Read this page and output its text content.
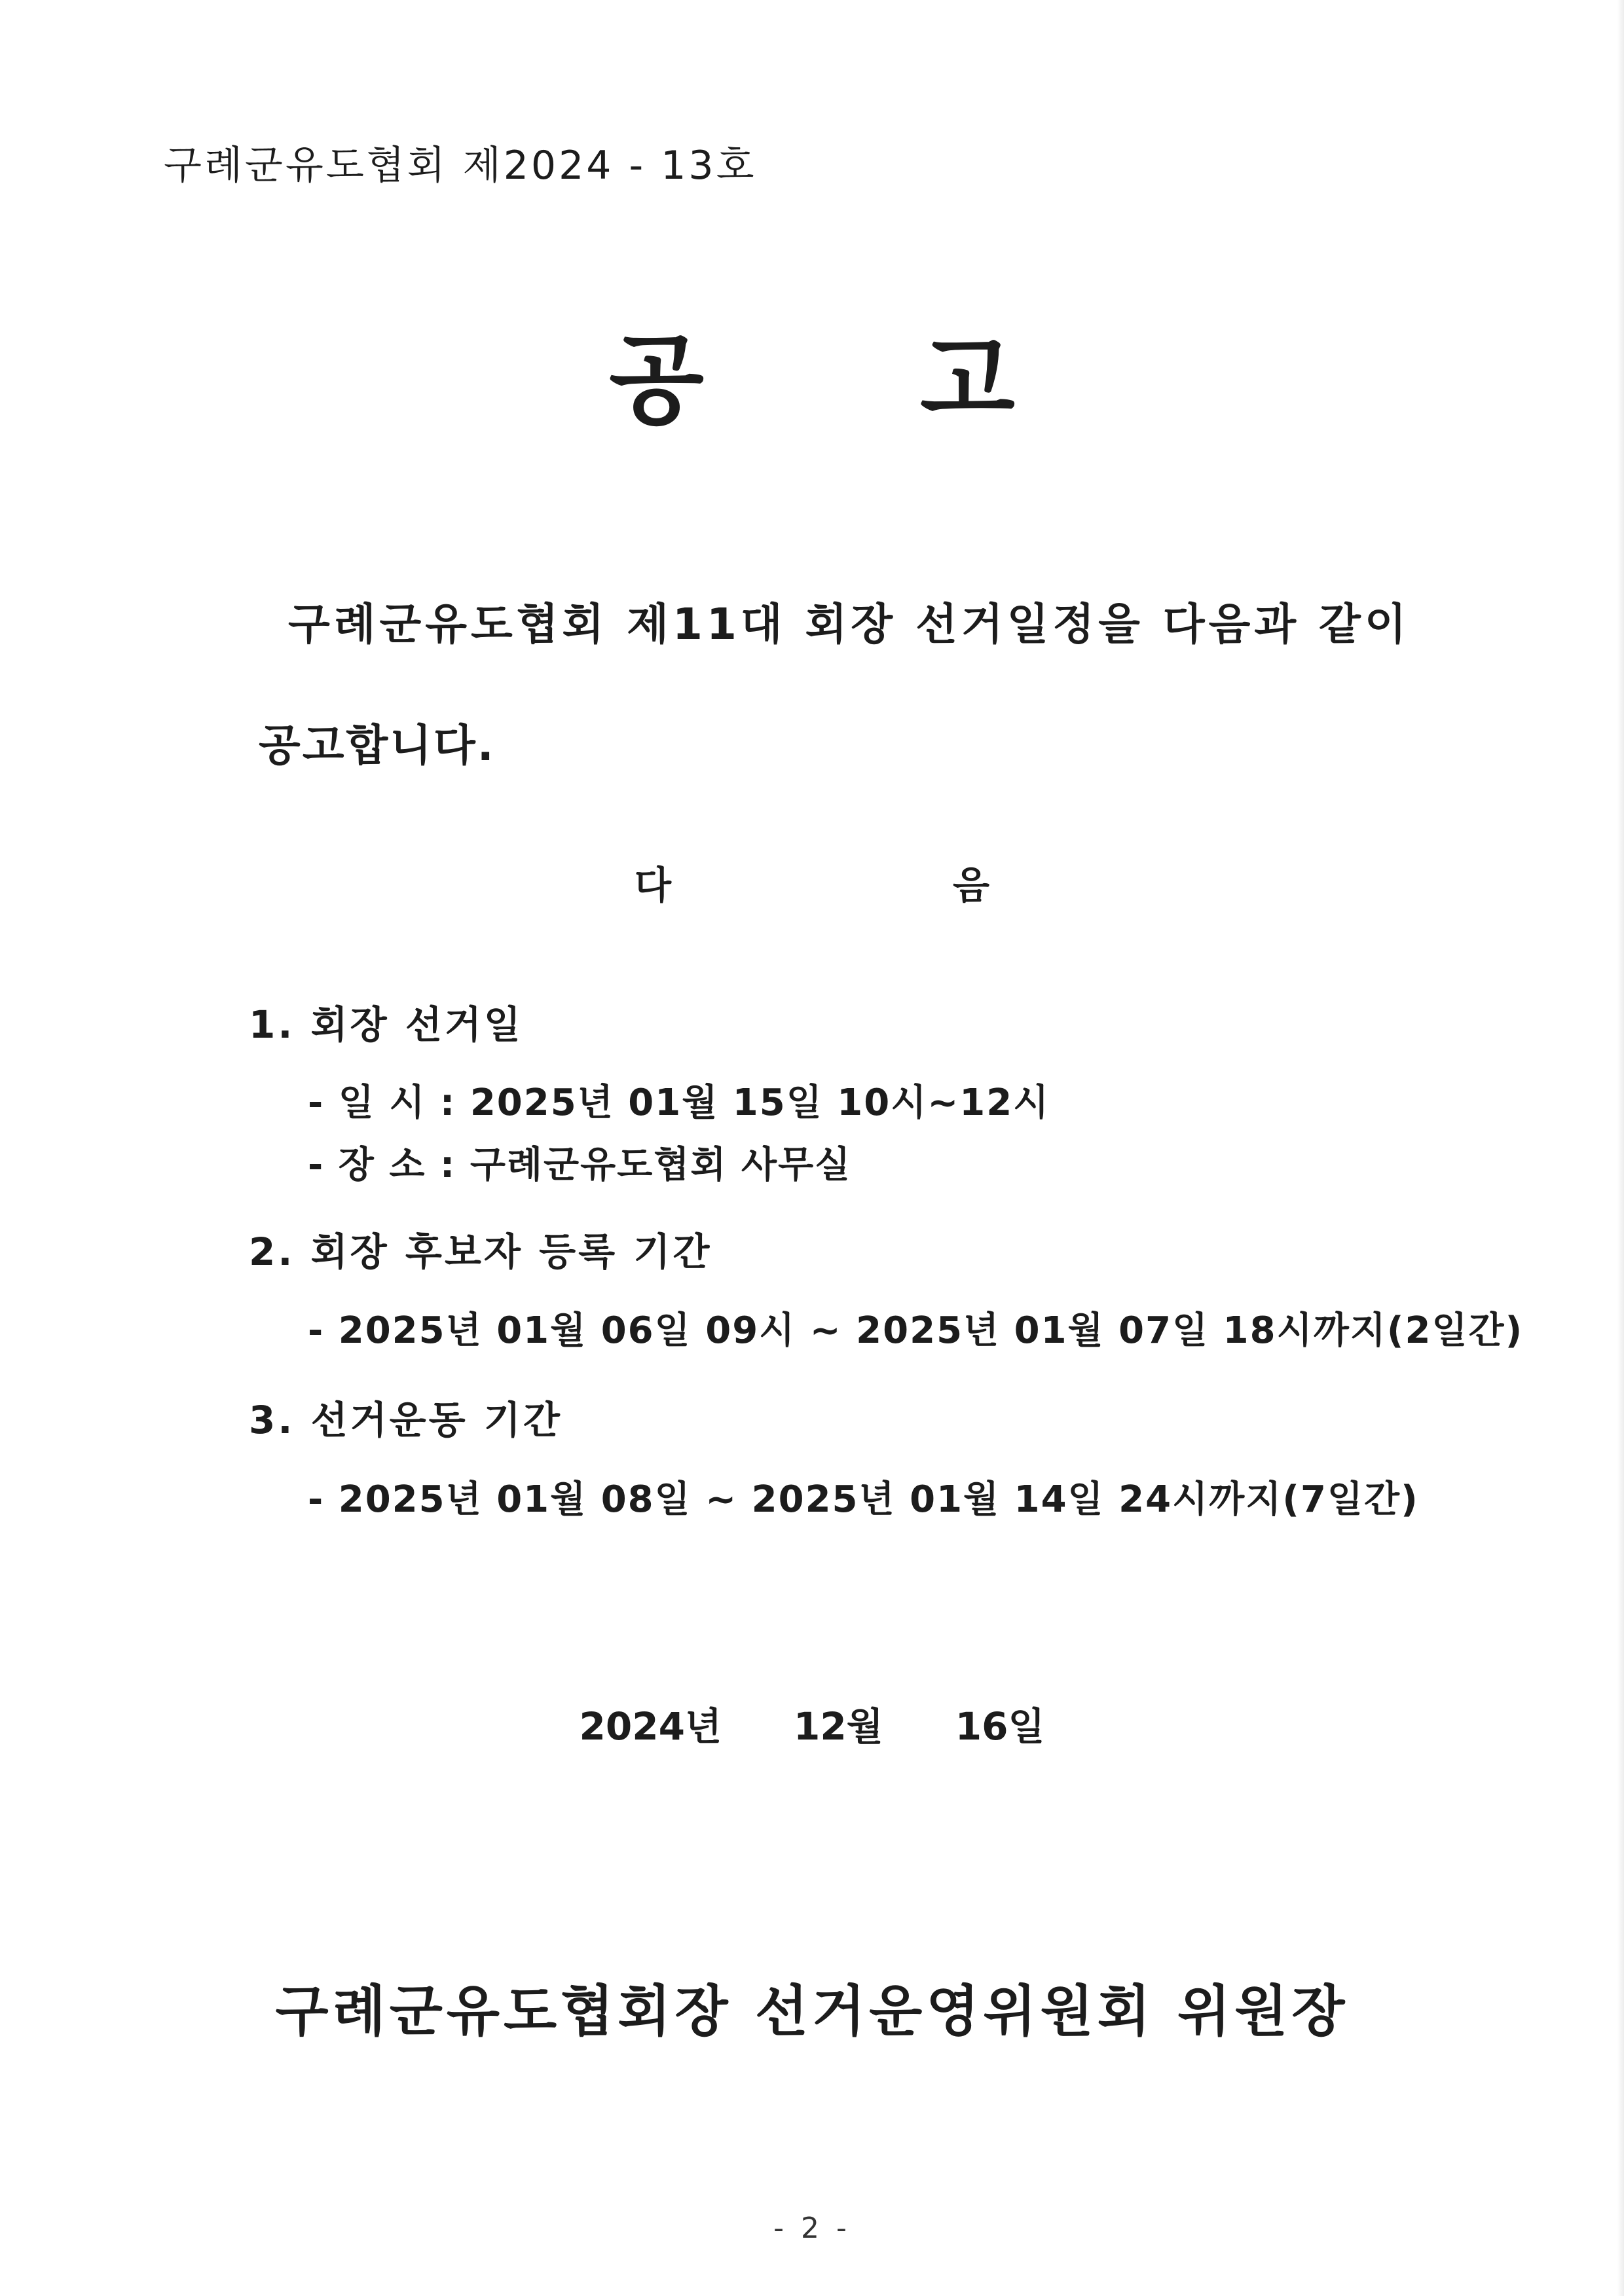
구례군유도협회 제2024 - 13호
공 고
구례군유도협회 제11대 회장 선거일정을 다음과 같이
공고합니다.
다	음
1. 회장 선거일
- 일 시 : 2025년 01월 15일 10시~12시
- 장 소 : 구례군유도협회 사무실
2. 회장 후보자 등록 기간
- 2025년 01월 06일 09시 ~ 2025년 01월 07일 18시까지(2일간)
3. 선거운동 기간
- 2025년 01월 08일 ~ 2025년 01월 14일 24시까지(7일간)
2024년 12월 16일
구례군유도협회장 선거운영위원회 위원장
- 2 -
